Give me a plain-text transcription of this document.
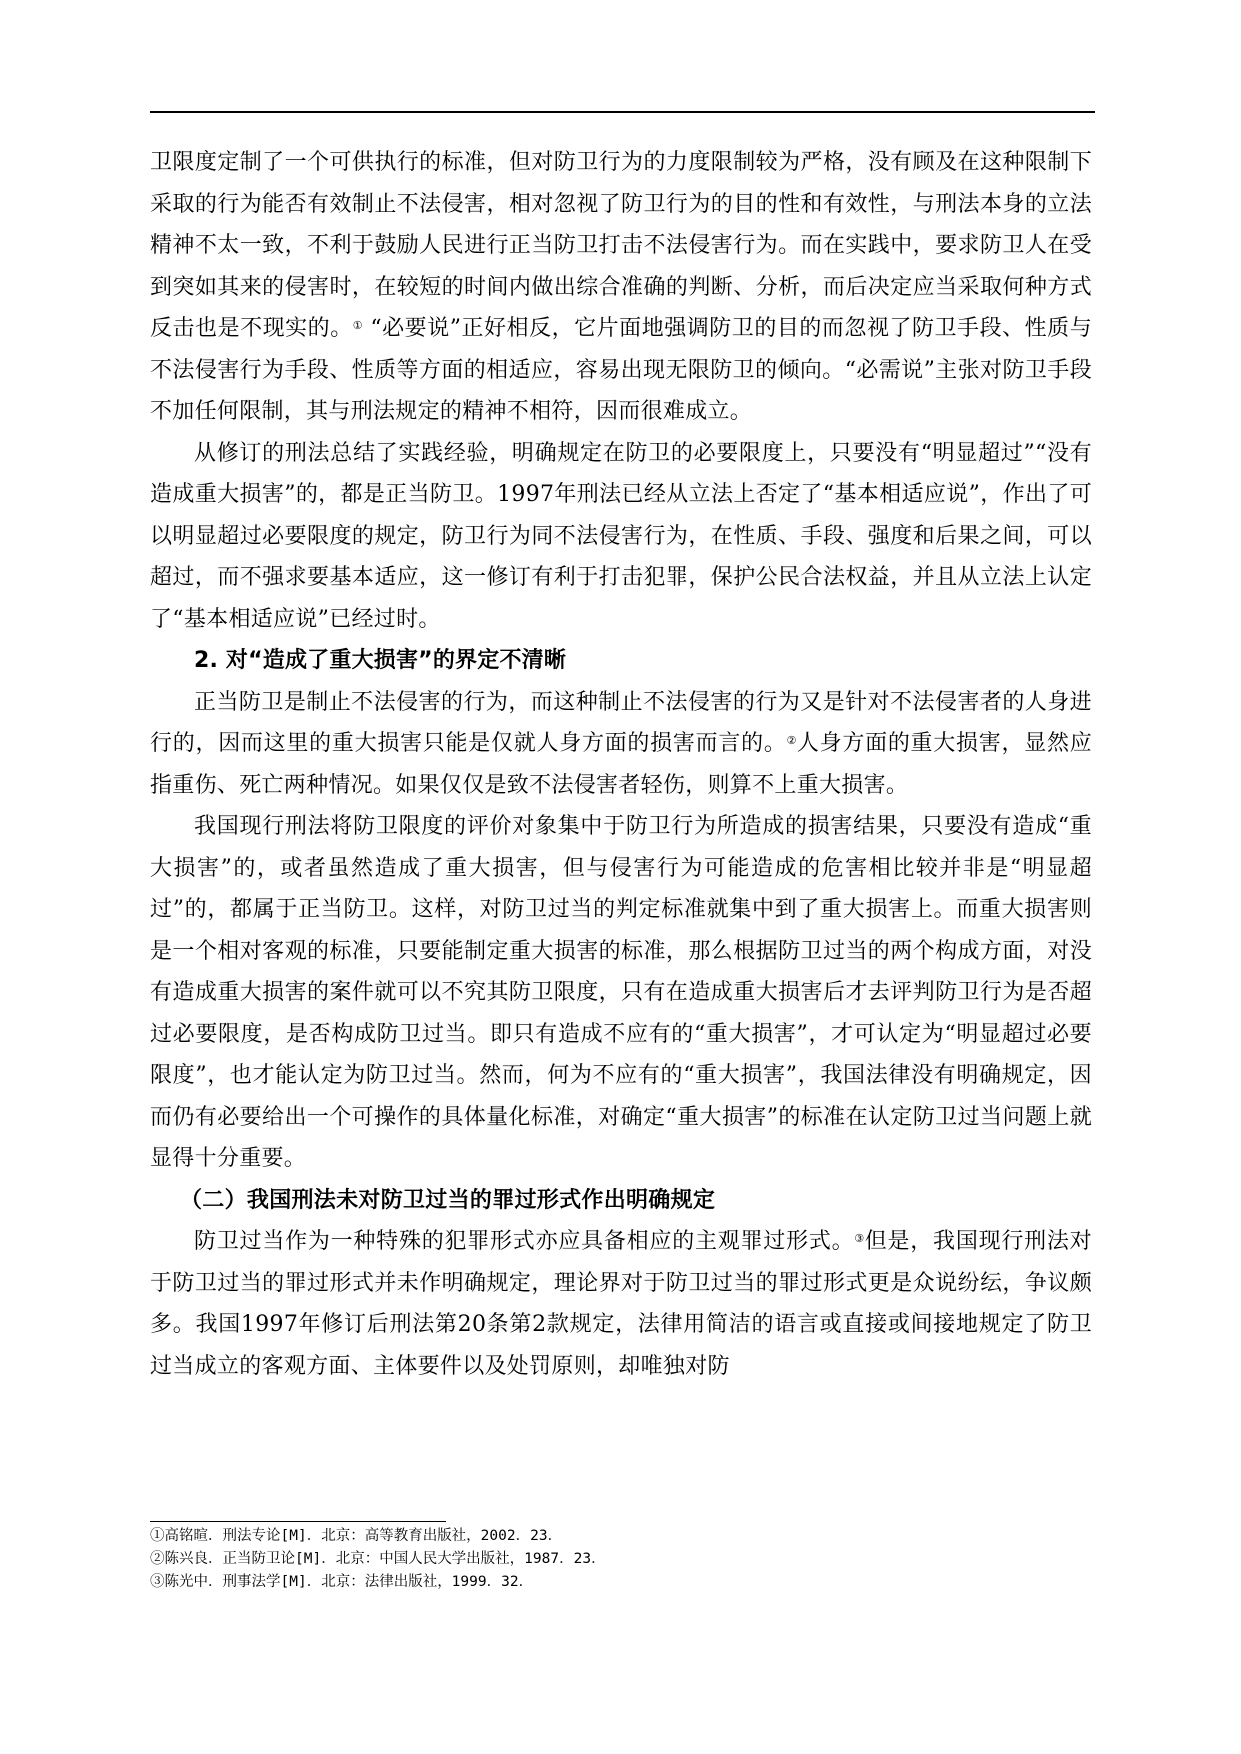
卫限度定制了一个可供执行的标准，但对防卫行为的力度限制较为严格，没有顾及在这种限制下采取的行为能否有效制止不法侵害，相对忽视了防卫行为的目的性和有效性，与刑法本身的立法精神不太一致，不利于鼓励人民进行正当防卫打击不法侵害行为。而在实践中，要求防卫人在受到突如其来的侵害时，在较短的时间内做出综合准确的判断、分析，而后决定应当采取何种方式反击也是不现实的。① “必要说”正好相反，它片面地强调防卫的目的而忽视了防卫手段、性质与不法侵害行为手段、性质等方面的相适应，容易出现无限防卫的倾向。“必需说”主张对防卫手段不加任何限制，其与刑法规定的精神不相符，因而很难成立。

从修订的刑法总结了实践经验，明确规定在防卫的必要限度上，只要没有“明显超过”“没有造成重大损害”的，都是正当防卫。1997年刑法已经从立法上否定了“基本相适应说”，作出了可以明显超过必要限度的规定，防卫行为同不法侵害行为，在性质、手段、强度和后果之间，可以超过，而不强求要基本适应，这一修订有利于打击犯罪，保护公民合法权益，并且从立法上认定了“基本相适应说”已经过时。

2. 对“造成了重大损害”的界定不清晰

正当防卫是制止不法侵害的行为，而这种制止不法侵害的行为又是针对不法侵害者的人身进行的，因而这里的重大损害只能是仅就人身方面的损害而言的。②人身方面的重大损害，显然应指重伤、死亡两种情况。如果仅仅是致不法侵害者轻伤，则算不上重大损害。

我国现行刑法将防卫限度的评价对象集中于防卫行为所造成的损害结果，只要没有造成“重大损害”的，或者虽然造成了重大损害，但与侵害行为可能造成的危害相比较并非是“明显超过”的，都属于正当防卫。这样，对防卫过当的判定标准就集中到了重大损害上。而重大损害则是一个相对客观的标准，只要能制定重大损害的标准，那么根据防卫过当的两个构成方面，对没有造成重大损害的案件就可以不究其防卫限度，只有在造成重大损害后才去评判防卫行为是否超过必要限度，是否构成防卫过当。即只有造成不应有的“重大损害”，才可认定为“明显超过必要限度”，也才能认定为防卫过当。然而，何为不应有的“重大损害”，我国法律没有明确规定，因而仍有必要给出一个可操作的具体量化标准，对确定“重大损害”的标准在认定防卫过当问题上就显得十分重要。

（二）我国刑法未对防卫过当的罪过形式作出明确规定

防卫过当作为一种特殊的犯罪形式亦应具备相应的主观罪过形式。③但是，我国现行刑法对于防卫过当的罪过形式并未作明确规定，理论界对于防卫过当的罪过形式更是众说纷纭，争议颇多。我国1997年修订后刑法第20条第2款规定，法律用简洁的语言或直接或间接地规定了防卫过当成立的客观方面、主体要件以及处罚原则，却唯独对防

①高铭暄．刑法专论[M]．北京：高等教育出版社，2002．23．
②陈兴良．正当防卫论[M]．北京：中国人民大学出版社，1987．23．
③陈光中．刑事法学[M]．北京：法律出版社，1999．32．
